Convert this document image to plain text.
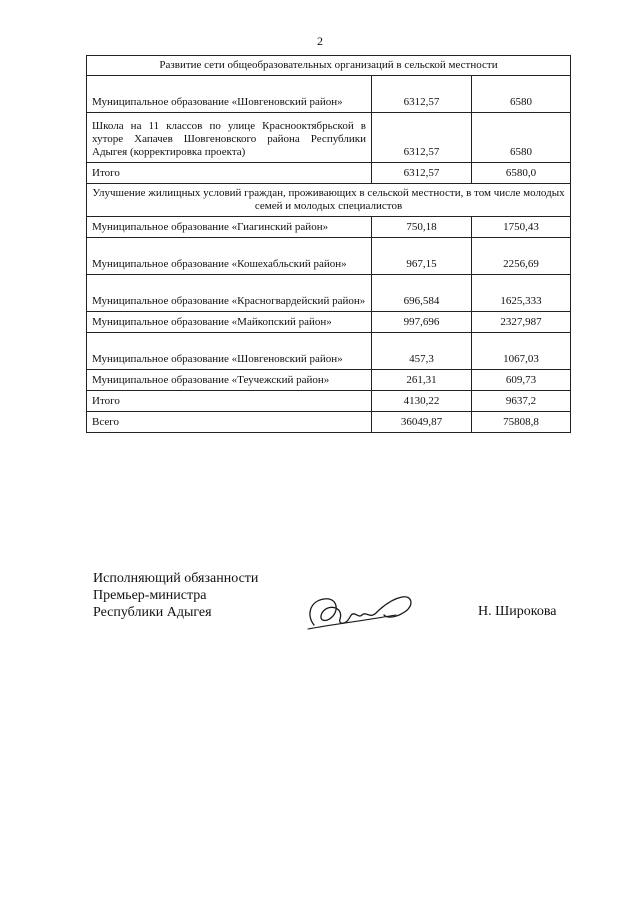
2
Развитие сети общеобразовательных организаций в сельской местности		
Муниципальное образование «Шовгеновский район»	6312,57	6580
Школа на 11 классов по улице Краснооктябрьской в хуторе Хапачев Шовгеновского района Республики Адыгея (корректировка проекта)	6312,57	6580
Итого	6312,57	6580,0
Улучшение жилищных условий граждан, проживающих в сельской местности, в том числе молодых семей и молодых специалистов		
Муниципальное образование «Гиагинский район»	750,18	1750,43
Муниципальное образование «Кошехабльский район»	967,15	2256,69
Муниципальное образование «Красногвардейский район»	696,584	1625,333
Муниципальное образование «Майкопский район»	997,696	2327,987
Муниципальное образование «Шовгеновский район»	457,3	1067,03
Муниципальное образование «Теучежский район»	261,31	609,73
Итого	4130,22	9637,2
Всего	36049,87	75808,8
Исполняющий обязанности
Премьер-министра
Республики Адыгея	Н. Широкова
